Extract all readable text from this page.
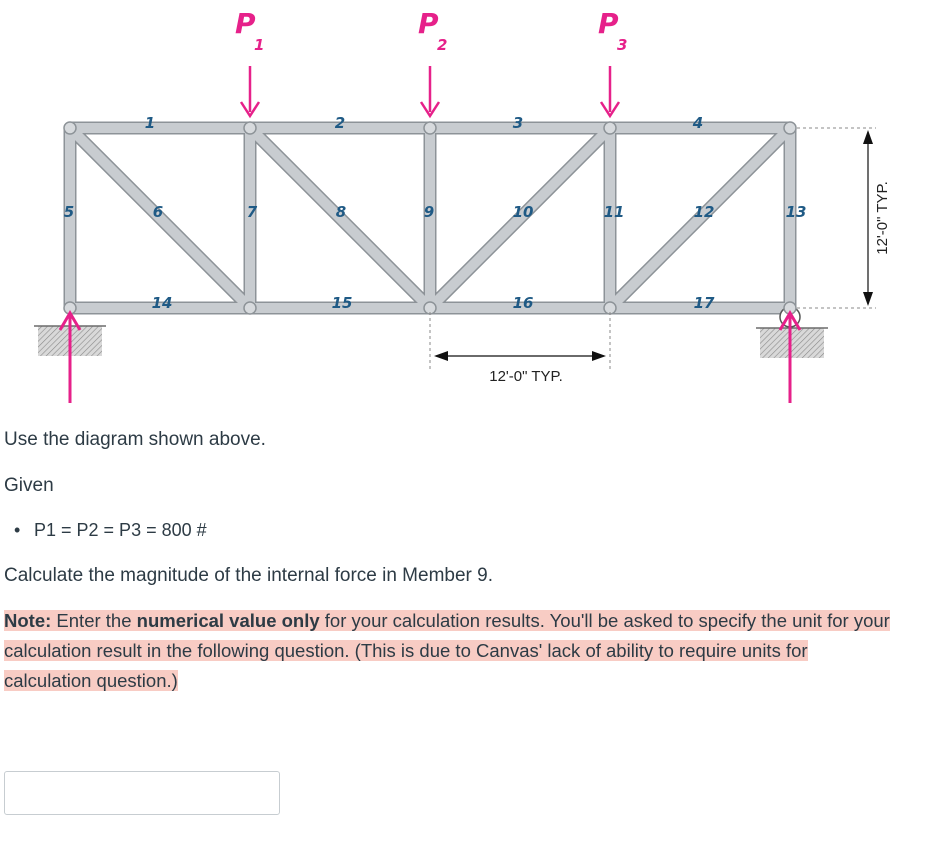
1	2	3	4
5	6	7	8	9	10	11	12	13
14	15	16	17
P
1
P
2
P
3
12'-0" TYP.
12'-0" TYP.

Use the diagram shown above.

Given

• P1 = P2 = P3 = 800 #

Calculate the magnitude of the internal force in Member 9.

Note: Enter the numerical value only for your calculation results. You'll be asked to specify the unit for your calculation result in the following question. (This is due to Canvas' lack of ability to require units for calculation question.)
